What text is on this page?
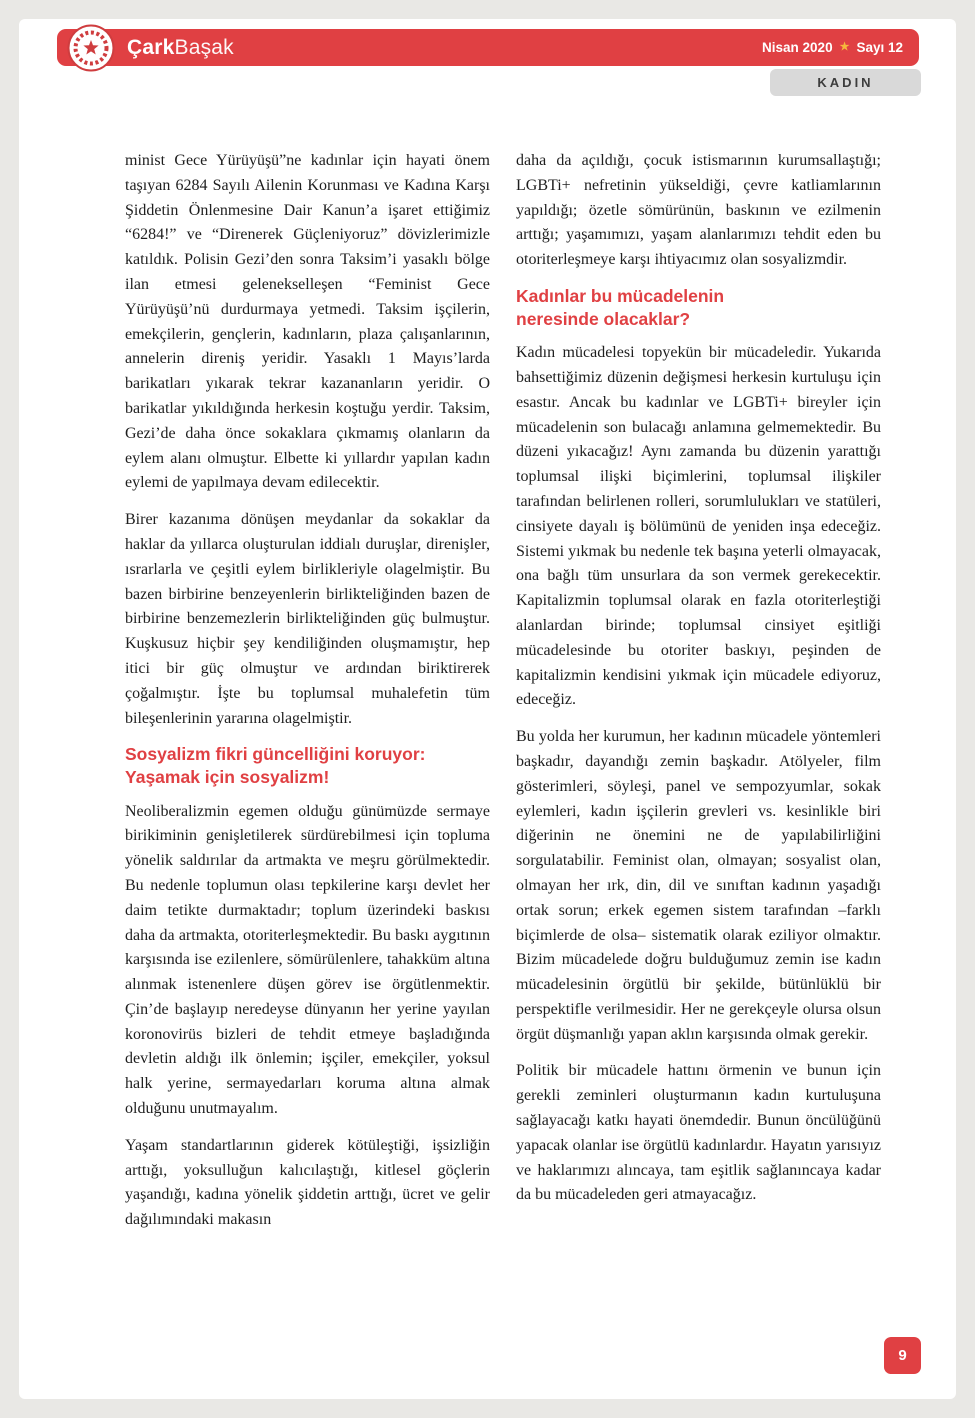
ÇarkBaşak	Nisan 2020 ★ Sayı 12
KADIN

minist Gece Yürüyüşü”ne kadınlar için hayati önem taşıyan 6284 Sayılı Ailenin Korunması ve Kadına Karşı Şiddetin Önlenmesine Dair Kanun’a işaret ettiğimiz “6284!” ve “Direnerek Güçleniyoruz” dövizlerimizle katıldık. Polisin Gezi’den sonra Taksim’i yasaklı bölge ilan etmesi gelenekselleşen “Feminist Gece Yürüyüşü’nü durdurmaya yetmedi. Taksim işçilerin, emekçilerin, gençlerin, kadınların, plaza çalışanlarının, annelerin direniş yeridir. Yasaklı 1 Mayıs’larda barikatları yıkarak tekrar kazananların yeridir. O barikatlar yıkıldığında herkesin koştuğu yerdir. Taksim, Gezi’de daha önce sokaklara çıkmamış olanların da eylem alanı olmuştur. Elbette ki yıllardır yapılan kadın eylemi de yapılmaya devam edilecektir.

Birer kazanıma dönüşen meydanlar da sokaklar da haklar da yıllarca oluşturulan iddialı duruşlar, direnişler, ısrarlarla ve çeşitli eylem birlikleriyle olagelmiştir. Bu bazen birbirine benzeyenlerin birlikteliğinden bazen de birbirine benzemezlerin birlikteliğinden güç bulmuştur. Kuşkusuz hiçbir şey kendiliğinden oluşmamıştır, hep itici bir güç olmuştur ve ardından biriktirerek çoğalmıştır. İşte bu toplumsal muhalefetin tüm bileşenlerinin yararına olagelmiştir.

Sosyalizm fikri güncelliğini koruyor:
Yaşamak için sosyalizm!

Neoliberalizmin egemen olduğu günümüzde sermaye birikiminin genişletilerek sürdürebilmesi için topluma yönelik saldırılar da artmakta ve meşru görülmektedir. Bu nedenle toplumun olası tepkilerine karşı devlet her daim tetikte durmaktadır; toplum üzerindeki baskısı daha da artmakta, otoriterleşmektedir. Bu baskı aygıtının karşısında ise ezilenlere, sömürülenlere, tahakküm altına alınmak istenenlere düşen görev ise örgütlenmektir. Çin’de başlayıp neredeyse dünyanın her yerine yayılan koronovirüs bizleri de tehdit etmeye başladığında devletin aldığı ilk önlemin; işçiler, emekçiler, yoksul halk yerine, sermayedarları koruma altına almak olduğunu unutmayalım.

Yaşam standartlarının giderek kötüleştiği, işsizliğin arttığı, yoksulluğun kalıcılaştığı, kitlesel göçlerin yaşandığı, kadına yönelik şiddetin arttığı, ücret ve gelir dağılımındaki makasın

daha da açıldığı, çocuk istismarının kurumsallaştığı; LGBTi+ nefretinin yükseldiği, çevre katliamlarının yapıldığı; özetle sömürünün, baskının ve ezilmenin arttığı; yaşamımızı, yaşam alanlarımızı tehdit eden bu otoriterleşmeye karşı ihtiyacımız olan sosyalizmdir.

Kadınlar bu mücadelenin
neresinde olacaklar?

Kadın mücadelesi topyekün bir mücadeledir. Yukarıda bahsettiğimiz düzenin değişmesi herkesin kurtuluşu için esastır. Ancak bu kadınlar ve LGBTi+ bireyler için mücadelenin son bulacağı anlamına gelmemektedir. Bu düzeni yıkacağız! Aynı zamanda bu düzenin yarattığı toplumsal ilişki biçimlerini, toplumsal ilişkiler tarafından belirlenen rolleri, sorumlulukları ve statüleri, cinsiyete dayalı iş bölümünü de yeniden inşa edeceğiz. Sistemi yıkmak bu nedenle tek başına yeterli olmayacak, ona bağlı tüm unsurlara da son vermek gerekecektir. Kapitalizmin toplumsal olarak en fazla otoriterleştiği alanlardan birinde; toplumsal cinsiyet eşitliği mücadelesinde bu otoriter baskıyı, peşinden de kapitalizmin kendisini yıkmak için mücadele ediyoruz, edeceğiz.

Bu yolda her kurumun, her kadının mücadele yöntemleri başkadır, dayandığı zemin başkadır. Atölyeler, film gösterimleri, söyleşi, panel ve sempozyumlar, sokak eylemleri, kadın işçilerin grevleri vs. kesinlikle biri diğerinin ne önemini ne de yapılabilirliğini sorgulatabilir. Feminist olan, olmayan; sosyalist olan, olmayan her ırk, din, dil ve sınıftan kadının yaşadığı ortak sorun; erkek egemen sistem tarafından –farklı biçimlerde de olsa– sistematik olarak eziliyor olmaktır. Bizim mücadelede doğru bulduğumuz zemin ise kadın mücadelesinin örgütlü bir şekilde, bütünlüklü bir perspektifle verilmesidir. Her ne gerekçeyle olursa olsun örgüt düşmanlığı yapan aklın karşısında olmak gerekir.

Politik bir mücadele hattını örmenin ve bunun için gerekli zeminleri oluşturmanın kadın kurtuluşuna sağlayacağı katkı hayati önemdedir. Bunun öncülüğünü yapacak olanlar ise örgütlü kadınlardır. Hayatın yarısıyız ve haklarımızı alıncaya, tam eşitlik sağlanıncaya kadar da bu mücadeleden geri atmayacağız.

9
